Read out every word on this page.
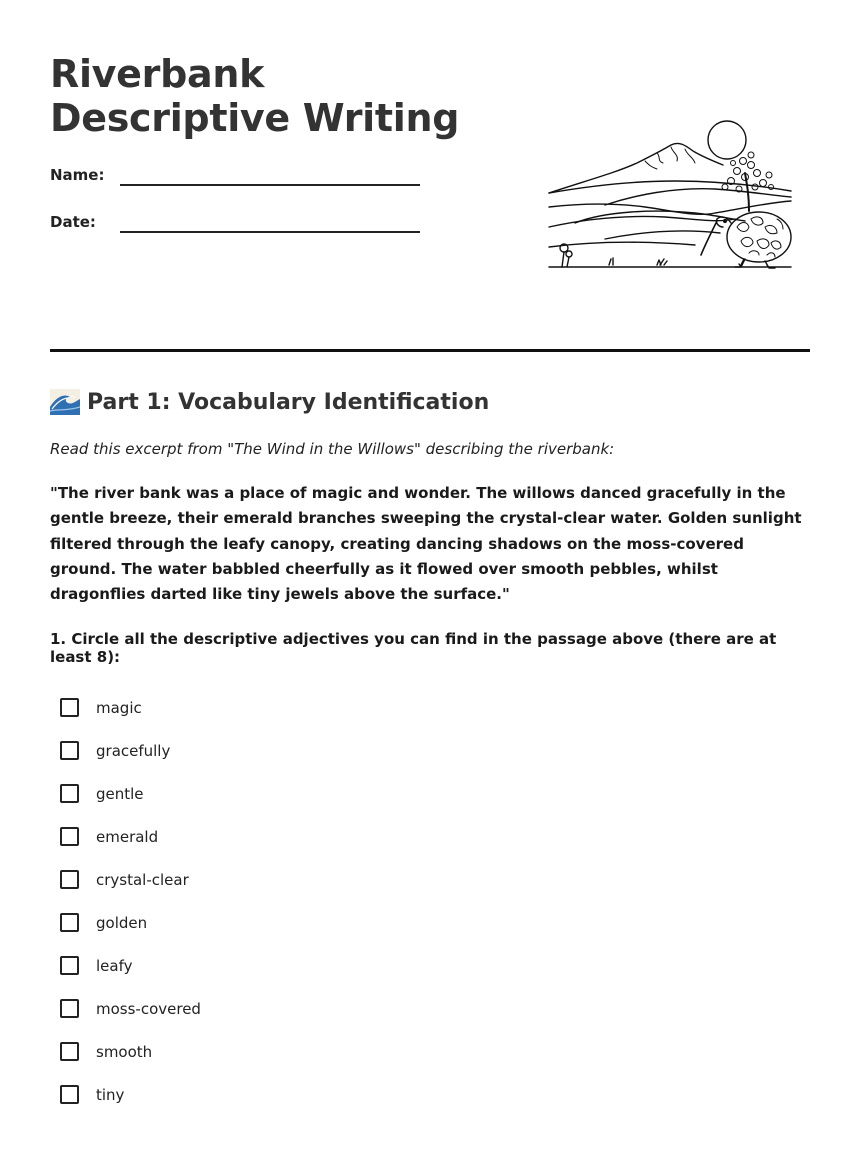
Riverbank Descriptive Writing
Name:
Date:
Part 1: Vocabulary Identification

Read this excerpt from "The Wind in the Willows" describing the riverbank:

"The river bank was a place of magic and wonder. The willows danced gracefully in the gentle breeze, their emerald branches sweeping the crystal-clear water. Golden sunlight filtered through the leafy canopy, creating dancing shadows on the moss-covered ground. The water babbled cheerfully as it flowed over smooth pebbles, whilst dragonflies darted like tiny jewels above the surface."

1. Circle all the descriptive adjectives you can find in the passage above (there are at least 8):

magic
gracefully
gentle
emerald
crystal-clear
golden
leafy
moss-covered
smooth
tiny
